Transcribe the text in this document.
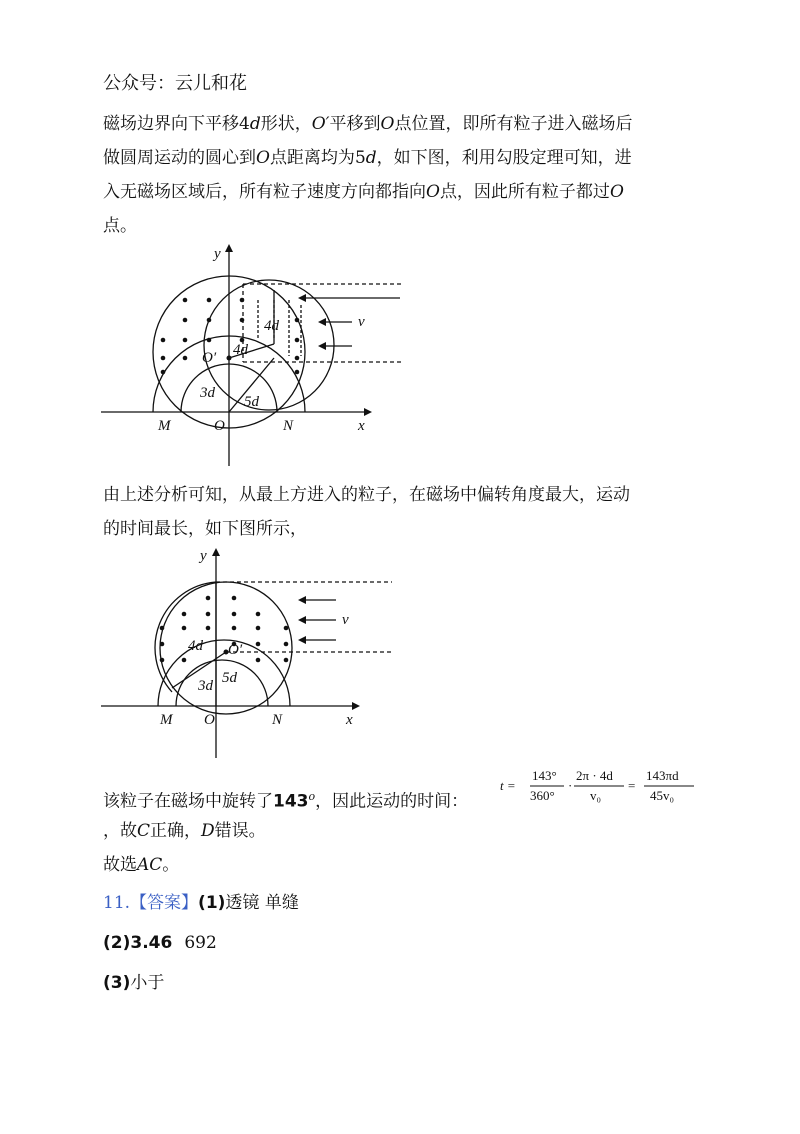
公众号：云儿和花
磁场边界向下平移4d形状，O′平移到O点位置，即所有粒子进入磁场后
做圆周运动的圆心到O点距离均为5d，如下图，利用勾股定理可知，进
入无磁场区域后，所有粒子速度方向都指向O点，因此所有粒子都过O
点。
y
x
M	O	N
O′
4d
4d
3d
5d
v
由上述分析可知，从最上方进入的粒子，在磁场中偏转角度最大，运动
的时间最长，如下图所示，
y
x
M O	N
O′
4d
3d 5d
v
该粒子在磁场中旋转了143$^o$，因此运动的时间：
t =
143°
360°
·
2π · 4d
v₀
=
143πd
45v₀
，故C正确，D错误。
故选AC。
11.【答案】(1)透镜 单缝
(2)3.46 692
(3)小于
